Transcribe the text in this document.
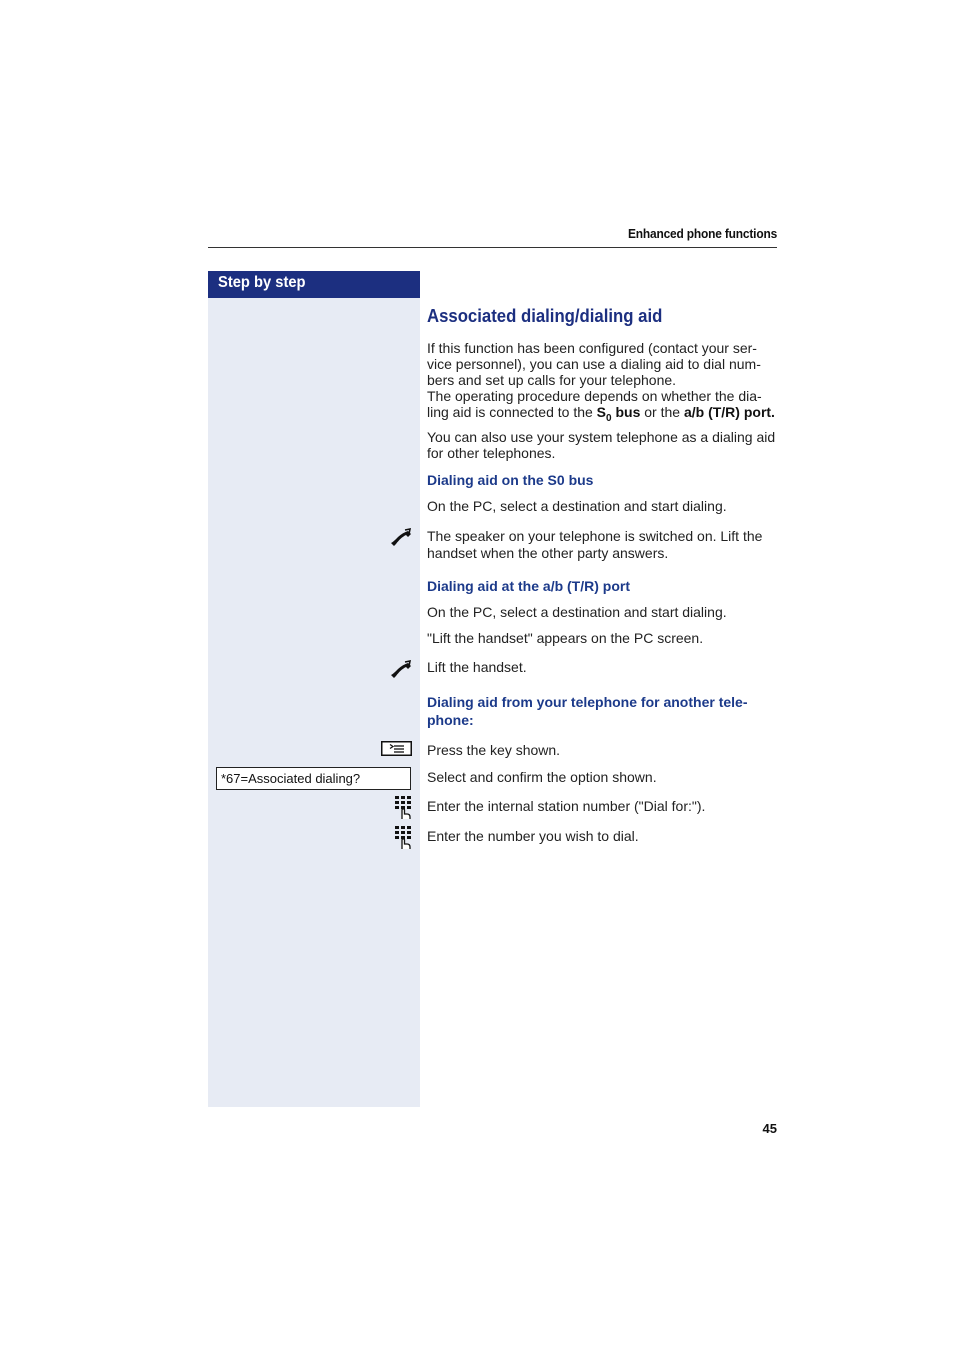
Enhanced phone functions
Step by step
Associated dialing/dialing aid
If this function has been configured (contact your ser-
vice personnel), you can use a dialing aid to dial num-
bers and set up calls for your telephone.
The operating procedure depends on whether the dia-
ling aid is connected to the $S_0$ bus or the a/b (T/R) port.
You can also use your system telephone as a dialing aid
for other telephones.
Dialing aid on the S0 bus
On the PC, select a destination and start dialing.
The speaker on your telephone is switched on. Lift the
handset when the other party answers.
Dialing aid at the a/b (T/R) port
On the PC, select a destination and start dialing.
"Lift the handset" appears on the PC screen.
Lift the handset.
Dialing aid from your telephone for another tele-
phone:
Press the key shown.
*67=Associated dialing?	Select and confirm the option shown.
Enter the internal station number ("Dial for:").
Enter the number you wish to dial.
45
